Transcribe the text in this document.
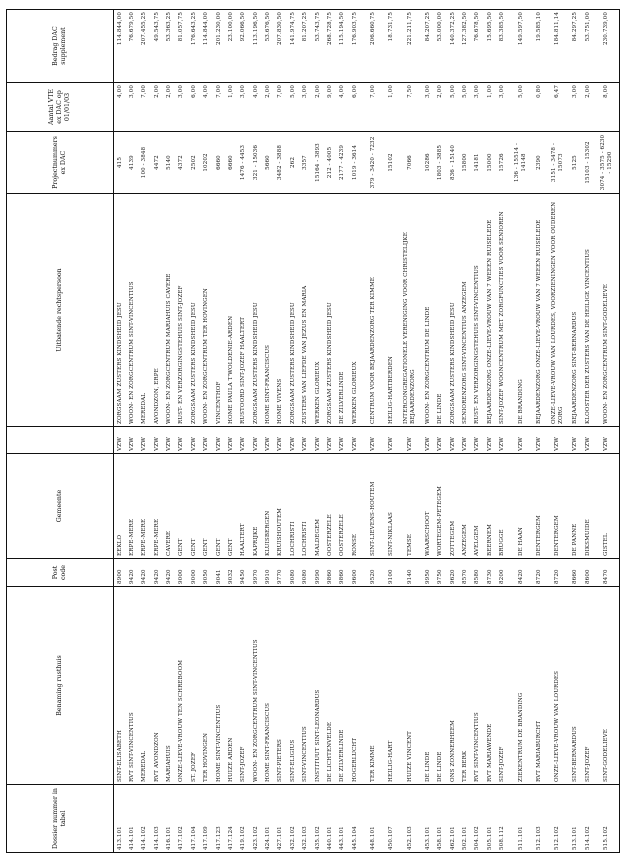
Dossier nummer in tabel	Benaming rusthuis	Post code	Gemeente		Uitbatende rechtspersoon	Projectnummers ex DAC	Aantal VTE ex DAC op 01/01/03	Bedrag DAC supplement
413.101	SINT-ELISABETH	8900	EEKLO	VZW	ZORGSAAM ZUSTERS KINDSHEID JESU	415	4,00	114.844,00
414.101	RVT SINT-VINCENTIUS	9420	ERPE-MERE	VZW	WOON- EN ZORGCENTRUM SINT-VINCENTIUS	4139	3,00	76.679,50
414.102	MEREDAL	9420	ERPE-MERE	VZW	MEREDAL	100 - 3848	7,00	207.455,25
414.103	RVT AVONDZON	9420	ERPE-MERE	VZW	AVONDZON, ERPE	4472	2,00	49.543,75
416.101	MARIAHUIS	9420	CAVERE	VZW	WOON- EN ZORGCENTRUM MARIAHUIS CAVERE	5140	2,00	53.363,25
417.102	ONZE-LIEVE-VROUW TEN SCHREBOOM	9000	GENT	VZW	RUST- EN VERZORGINGSTEHUIS SINT-JOZEF	4372	3,00	81.057,75
417.104	ST. JOZEF	9000	GENT	VZW	ZORGSAAM ZUSTERS KINDSHEID JESU	2502	6,00	176.643,25
417.109	TER HOVINGEN	9050	GENT	VZW	WOON- EN ZORGCENTRUM TER HOVINGEN	10202	4,00	114.844,00
417.123	HOME SINT-VINCENTIUS	9041	GENT	VZW	VINCENTHOF	6660	7,00	201.230,00
417.124	HUIZE ARDEN	9032	GENT	VZW	HOME PAULA T'WOLDENIE-ARDEN	6660	1,00	23.100,00
419.102	SINT-JOZEF	9450	HAALTERT	VZW	RUSTOORD SINT-JOZEF HAALTERT	1476 - 4453	3,00	92.066,50
423.102	WOON- EN ZORGCENTRUM SINT-VINCENTIUS	9970	KAPRIJKE	VZW	ZORGSAAM ZUSTERS KINDSHEID JESU	321 - 15036	4,00	113.196,50
424.101	HOME SINT-FRANCISCUS	9910	KLUISBERGEN	VZW	HOME SINT-FRANCISCUS	5660	2,00	53.676,50
427.101	SINT-PIETERS	9770	KRUISHOUTEM	VZW	HOME VIVENS	3482 - 3888	7,00	207.830,50
432.102	SINT-ELIGIUS	9080	LOCHRISTI	VZW	ZORGSAAM ZUSTERS KINDSHEID JESU	262	5,00	141.974,75
432.103	SINT-VINCENTIUS	9080	LOCHRISTI	VZW	ZUSTERS VAN LIEFDE VAN JEZUS EN MARIA	3357	3,00	81.207,25
435.102	INSTITUUT SINT-LEONARDUS	9990	MALDEGEM	VZW	WERKEN GLORIEUX	15164 - 3893	2,00	53.743,75
440.101	DE LICHTENVELDE	9860	OOSTERZELE	VZW	ZORGSAAM ZUSTERS KINDSHEID JESU	212 - 4005	9,00	268.728,75
443.101	DE ZILVERLINDE	9860	OOSTERZELE	VZW	DE ZILVERLINDE	2177 - 4239	4,00	115.194,50
445.104	HOGERLUCHT	9600	RONSE	VZW	WERKEN GLORIEUX	1019 - 3614	6,00	176.903,75
448.101	TER KIMME	9520	SINT-LIEVENS-HOUTEM	VZW	CENTRUM VOOR BEJAARDENZORG TER KIMME	379 - 3420 - 7232	7,00	206.660,75
450.107	HEILIG-HART	9100	SINT-NIKLAAS	VZW	HEILIG-HARTBERDEN	15102	1,00	18.731,75
452.103	HUIZE VINCENT	9140	TEMSE	VZW	INTERCONGREGATIONELE VERENIGING VOOR CHRISTELIJKE BEJAARDENZORG	7066	7,50	221.211,75
453.101	DE LINDE	9950	WAARSCHOOT	VZW	WOON- EN ZORGCENTRUM DE LINDE	10286	3,00	84.207,25
458.101	DE LINDE	9750	WORTEGEM-PETEGEM	VZW	DE LINDE	1803 - 3885	2,00	53.000,00
462.101	ONS ZONNERHEEM	9620	ZOTTEGEM	VZW	ZORGSAAM ZUSTERS KINDSHEID JESU	836 - 15140	5,00	140.372,25
502.101	TER BERK	8570	ANZEGEM	VZW	SENIORENZORG SINT-VINCENTIUS ANZEGEM	15800	5,00	127.382,50
504.102	RVT SINT-VINCENTIUS	8580	AVELGEM	VZW	RUST- EN VERZORGINGSTEHUIS SINT-VINCENTIUS	14181	3,00	76.678,50
505.101	RVT MARIAWENDE	8730	BEERNEM	VZW	BEJAARDENZORG ONZE-LIEVE-VROUW VAN 7 WEEEN RUISELEDE	15000	1,00	15.695,50
508.112	SINT-JOZEF	8200	BRUGGE	VZW	SINT-JOZEF WOONCENTRUM MET ZORGFUNCTIES VOOR SENIOREN	15726	3,00	83.385,50
511.101	ZIEKENTRUM DE BRANDING	8420	DE HAAN	VZW	DE BRANDING	136 - 15514 - 14148	5,00	149.597,50
512.103	RVT MARIABURCHT	8720	DENTERGEM	VZW	BEJAARDENZORG ONZE-LIEVE-VROUW VAN 7 WEEEN RUISELEDE	2390	0,80	19.585,10
512.102	ONZE-LIEVE-VROUW VAN LOURDES	8720	DENTERGEM	VZW	ONZE-LIEVE-VROUW VAN LOURDES, VOORZIENINGEN VOOR OUDEREN ZORG	3151 - 3478 - 15073	6,47	184.811,14
513.101	SINT-BERNARDUS	8660	DE PANNE	VZW	BEJAARDENZORG SINT-BERNARDUS	5125	3,00	84.297,25
514.102	SINT-JOZEF	8600	DIKSMUIDE	VZW	KLOOSTER DER ZUSTERS VAN DE HEILIGE VINCENTIUS	15103 - 15302	2,00	53.751,00
515.102	SINT-GODELIEVE	8470	GISTEL	VZW	WOON- EN ZORGCENTRUM SINT-GODELIEVE	3074 - 3575 - 6230 - 15290	8,00	230.739,00
